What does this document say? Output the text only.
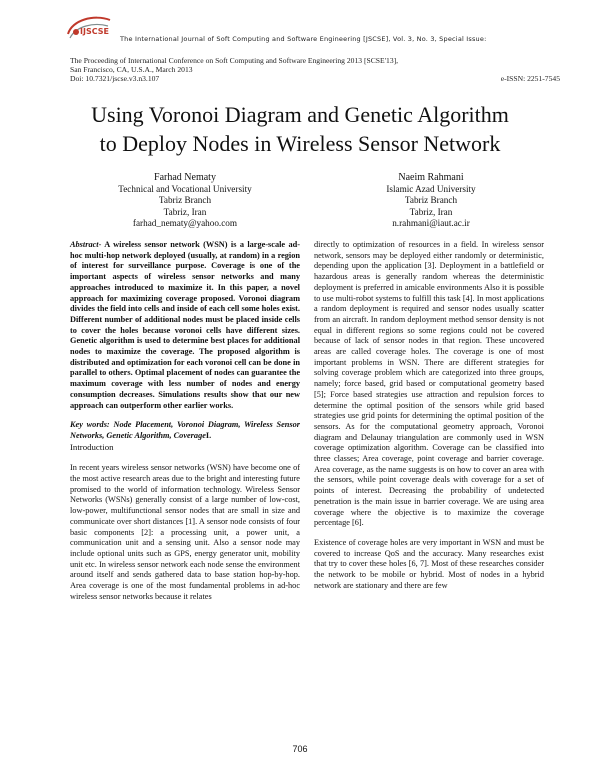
IJSCSE
The International Journal of Soft Computing and Software Engineering [JSCSE], Vol. 3, No. 3, Special Issue:
The Proceeding of International Conference on Soft Computing and Software Engineering 2013 [SCSE'13],
San Francisco, CA, U.S.A., March 2013
Doi: 10.7321/jscse.v3.n3.107	e-ISSN: 2251-7545
Using Voronoi Diagram and Genetic Algorithm
to Deploy Nodes in Wireless Sensor Network
Farhad Nematy
Technical and Vocational University
Tabriz Branch
Tabriz, Iran
farhad_nematy@yahoo.com
Naeim Rahmani
Islamic Azad University
Tabriz Branch
Tabriz, Iran
n.rahmani@iaut.ac.ir

Abstract- A wireless sensor network (WSN) is a large-scale ad-hoc multi-hop network deployed (usually, at random) in a region of interest for surveillance purpose. Coverage is one of the important aspects of wireless sensor networks and many approaches introduced to maximize it. In this paper, a novel approach for maximizing coverage proposed. Voronoi diagram divides the field into cells and inside of each cell some holes exist. Different number of additional nodes must be placed inside cells to cover the holes because voronoi cells have different sizes. Genetic algorithm is used to determine best places for additional nodes to maximize the coverage. The proposed algorithm is distributed and optimization for each voronoi cell can be done in parallel to others. Optimal placement of nodes can guarantee the maximum coverage with less number of nodes and energy consumption decreases. Simulations results show that our new approach can outperform other earlier works.

Key words: Node Placement, Voronoi Diagram, Wireless Sensor Networks, Genetic Algorithm, CoverageI.

Introduction

In recent years wireless sensor networks (WSN) have become one of the most active research areas due to the bright and interesting future promised to the world of information technology. Wireless Sensor Networks (WSNs) generally consist of a large number of low-cost, low-power, multifunctional sensor nodes that are small in size and communicate over short distances [1]. A sensor node consists of four basic components [2]: a processing unit, a power unit, a communication unit and a sensing unit. Also a sensor node may include optional units such as GPS, energy generator unit, mobility unit etc. In wireless sensor network each node sense the environment around itself and sends gathered data to base station hop-by-hop. Area coverage is one of the most fundamental problems in ad-hoc wireless sensor networks because it relates

directly to optimization of resources in a field. In wireless sensor network, sensors may be deployed either randomly or deterministic, depending upon the application [3]. Deployment in a battlefield or hazardous areas is generally random whereas the deterministic deployment is preferred in amicable environments Also it is possible to use multi-robot systems to fulfill this task [4]. In most applications a random deployment is required and sensor nodes usually scatter from an aircraft. In random deployment method sensor density is not equal in different regions so some regions could not be covered because of lack of sensor nodes in that region. These uncovered areas are called coverage holes. The coverage is one of most important problems in WSN. There are different strategies for solving coverage problem which are categorized into three groups, namely; force based, grid based or computational geometry based [5]; Force based strategies use attraction and repulsion forces to determine the optimal position of the sensors while grid based strategies use grid points for determining the optimal position of the sensors. As for the computational geometry approach, Voronoi diagram and Delaunay triangulation are commonly used in WSN coverage optimization algorithm. Coverage can be classified into three classes; Area coverage, point coverage and barrier coverage. Area coverage, as the name suggests is on how to cover an area with the sensors, while point coverage deals with coverage for a set of points of interest. Decreasing the probability of undetected penetration is the main issue in barrier coverage. We are using area coverage where the objective is to maximize the coverage percentage [6].

Existence of coverage holes are very important in WSN and must be covered to increase QoS and the accuracy. Many researches exist that try to cover these holes [6, 7]. Most of these researches consider the network to be mobile or hybrid. Most of nodes in a hybrid network are stationary and there are few

706
